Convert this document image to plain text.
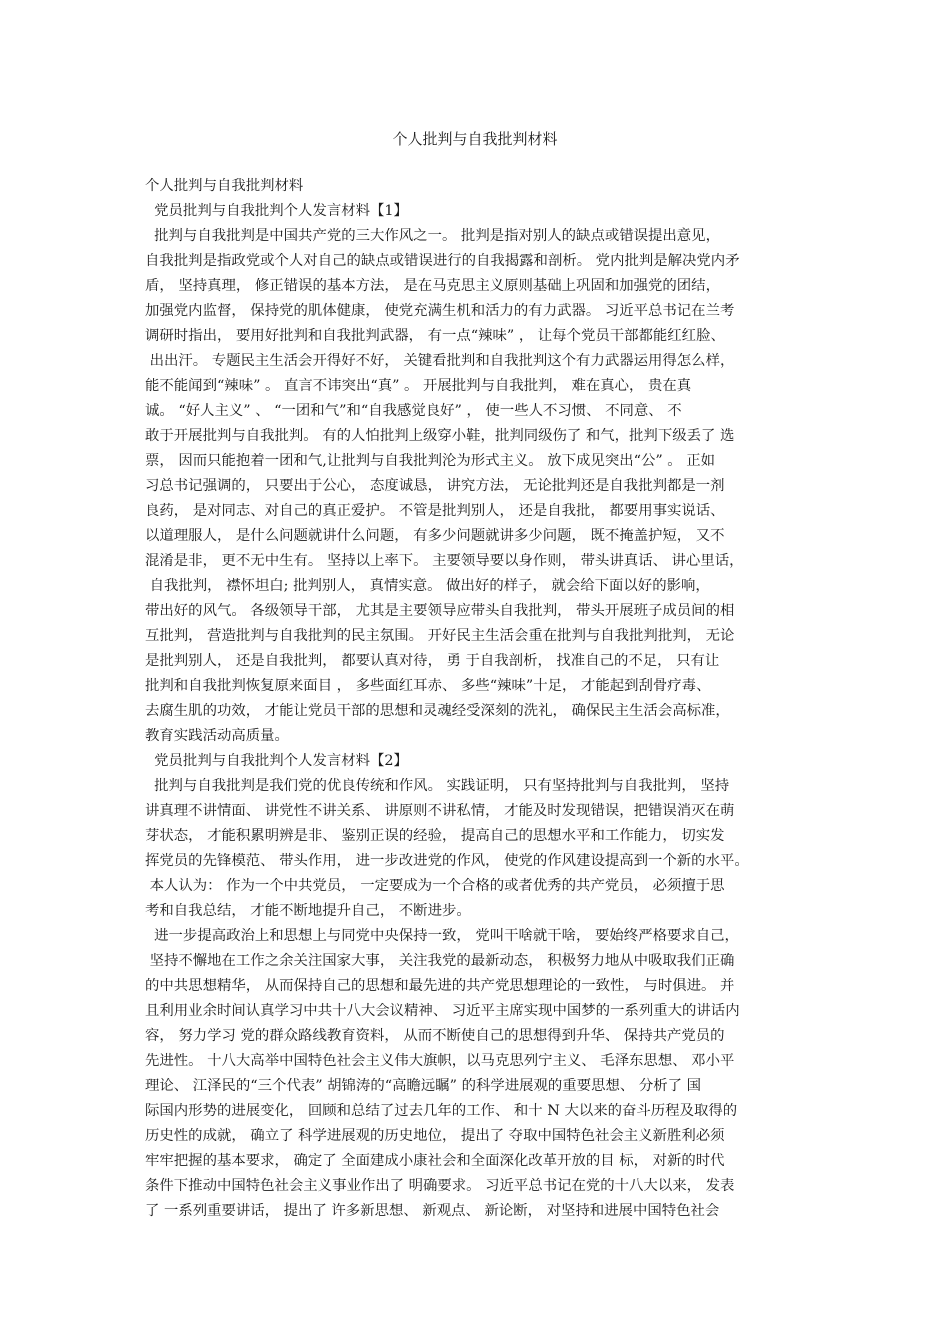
个人批判与自我批判材料
个人批判与自我批判材料
党员批判与自我批判个人发言材料【1】
批判与自我批判是中国共产党的三大作风之一。 批判是指对别人的缺点或错误提出意见，
自我批判是指政党或个人对自己的缺点或错误进行的自我揭露和剖析。 党内批判是解决党内矛
盾， 坚持真理， 修正错误的基本方法， 是在马克思主义原则基础上巩固和加强党的团结，
加强党内监督， 保持党的肌体健康， 使党充满生机和活力的有力武器。 习近平总书记在兰考
调研时指出， 要用好批判和自我批判武器， 有一点“辣味” ， 让每个党员干部都能红红脸、
出出汗。 专题民主生活会开得好不好， 关键看批判和自我批判这个有力武器运用得怎么样，
能不能闻到“辣味” 。 直言不讳突出“真” 。 开展批判与自我批判， 难在真心， 贵在真
诚。 “好人主义” 、 “一团和气”和“自我感觉良好” ， 使一些人不习惯、 不同意、 不
敢于开展批判与自我批判。 有的人怕批判上级穿小鞋，批判同级伤了 和气，批判下级丢了 选
票， 因而只能抱着一团和气,让批判与自我批判沦为形式主义。 放下成见突出“公” 。 正如
习总书记强调的， 只要出于公心， 态度诚恳， 讲究方法， 无论批判还是自我批判都是一剂
良药， 是对同志、对自己的真正爱护。 不管是批判别人， 还是自我批， 都要用事实说话、
以道理服人， 是什么问题就讲什么问题， 有多少问题就讲多少问题， 既不掩盖护短， 又不
混淆是非， 更不无中生有。 坚持以上率下。 主要领导要以身作则， 带头讲真话、 讲心里话，
自我批判， 襟怀坦白; 批判别人， 真情实意。 做出好的样子， 就会给下面以好的影响，
带出好的风气。 各级领导干部， 尤其是主要领导应带头自我批判， 带头开展班子成员间的相
互批判， 营造批判与自我批判的民主氛围。 开好民主生活会重在批判与自我批判批判， 无论
是批判别人， 还是自我批判， 都要认真对待， 勇 于自我剖析， 找准自己的不足， 只有让
批判和自我批判恢复原来面目 ， 多些面红耳赤、 多些“辣味”十足， 才能起到刮骨疗毒、
去腐生肌的功效， 才能让党员干部的思想和灵魂经受深刻的洗礼， 确保民主生活会高标准，
教育实践活动高质量。
党员批判与自我批判个人发言材料【2】
批判与自我批判是我们党的优良传统和作风。 实践证明， 只有坚持批判与自我批判， 坚持
讲真理不讲情面、 讲党性不讲关系、 讲原则不讲私情， 才能及时发现错误，把错误消灭在萌
芽状态， 才能积累明辨是非、 鉴别正误的经验， 提高自己的思想水平和工作能力， 切实发
挥党员的先锋模范、 带头作用， 进一步改进党的作风， 使党的作风建设提高到一个新的水平。
本人认为： 作为一个中共党员， 一定要成为一个合格的或者优秀的共产党员， 必须擅于思
考和自我总结， 才能不断地提升自己， 不断进步。
进一步提高政治上和思想上与同党中央保持一致， 党叫干啥就干啥， 要始终严格要求自己，
坚持不懈地在工作之余关注国家大事， 关注我党的最新动态， 积极努力地从中吸取我们正确
的中共思想精华， 从而保持自己的思想和最先进的共产党思想理论的一致性， 与时俱进。 并
且利用业余时间认真学习中共十八大会议精神、 习近平主席实现中国梦的一系列重大的讲话内
容， 努力学习 党的群众路线教育资料， 从而不断使自己的思想得到升华、 保持共产党员的
先进性。 十八大高举中国特色社会主义伟大旗帜，以马克思列宁主义、 毛泽东思想、 邓小平
理论、 江泽民的“三个代表” 胡锦涛的“高瞻远瞩” 的科学进展观的重要思想、 分析了 国
际国内形势的进展变化， 回顾和总结了过去几年的工作、 和十 N 大以来的奋斗历程及取得的
历史性的成就， 确立了 科学进展观的历史地位， 提出了 夺取中国特色社会主义新胜利必须
牢牢把握的基本要求， 确定了 全面建成小康社会和全面深化改革开放的目 标， 对新的时代
条件下推动中国特色社会主义事业作出了 明确要求。 习近平总书记在党的十八大以来， 发表
了 一系列重要讲话， 提出了 许多新思想、 新观点、 新论断， 对坚持和进展中国特色社会
